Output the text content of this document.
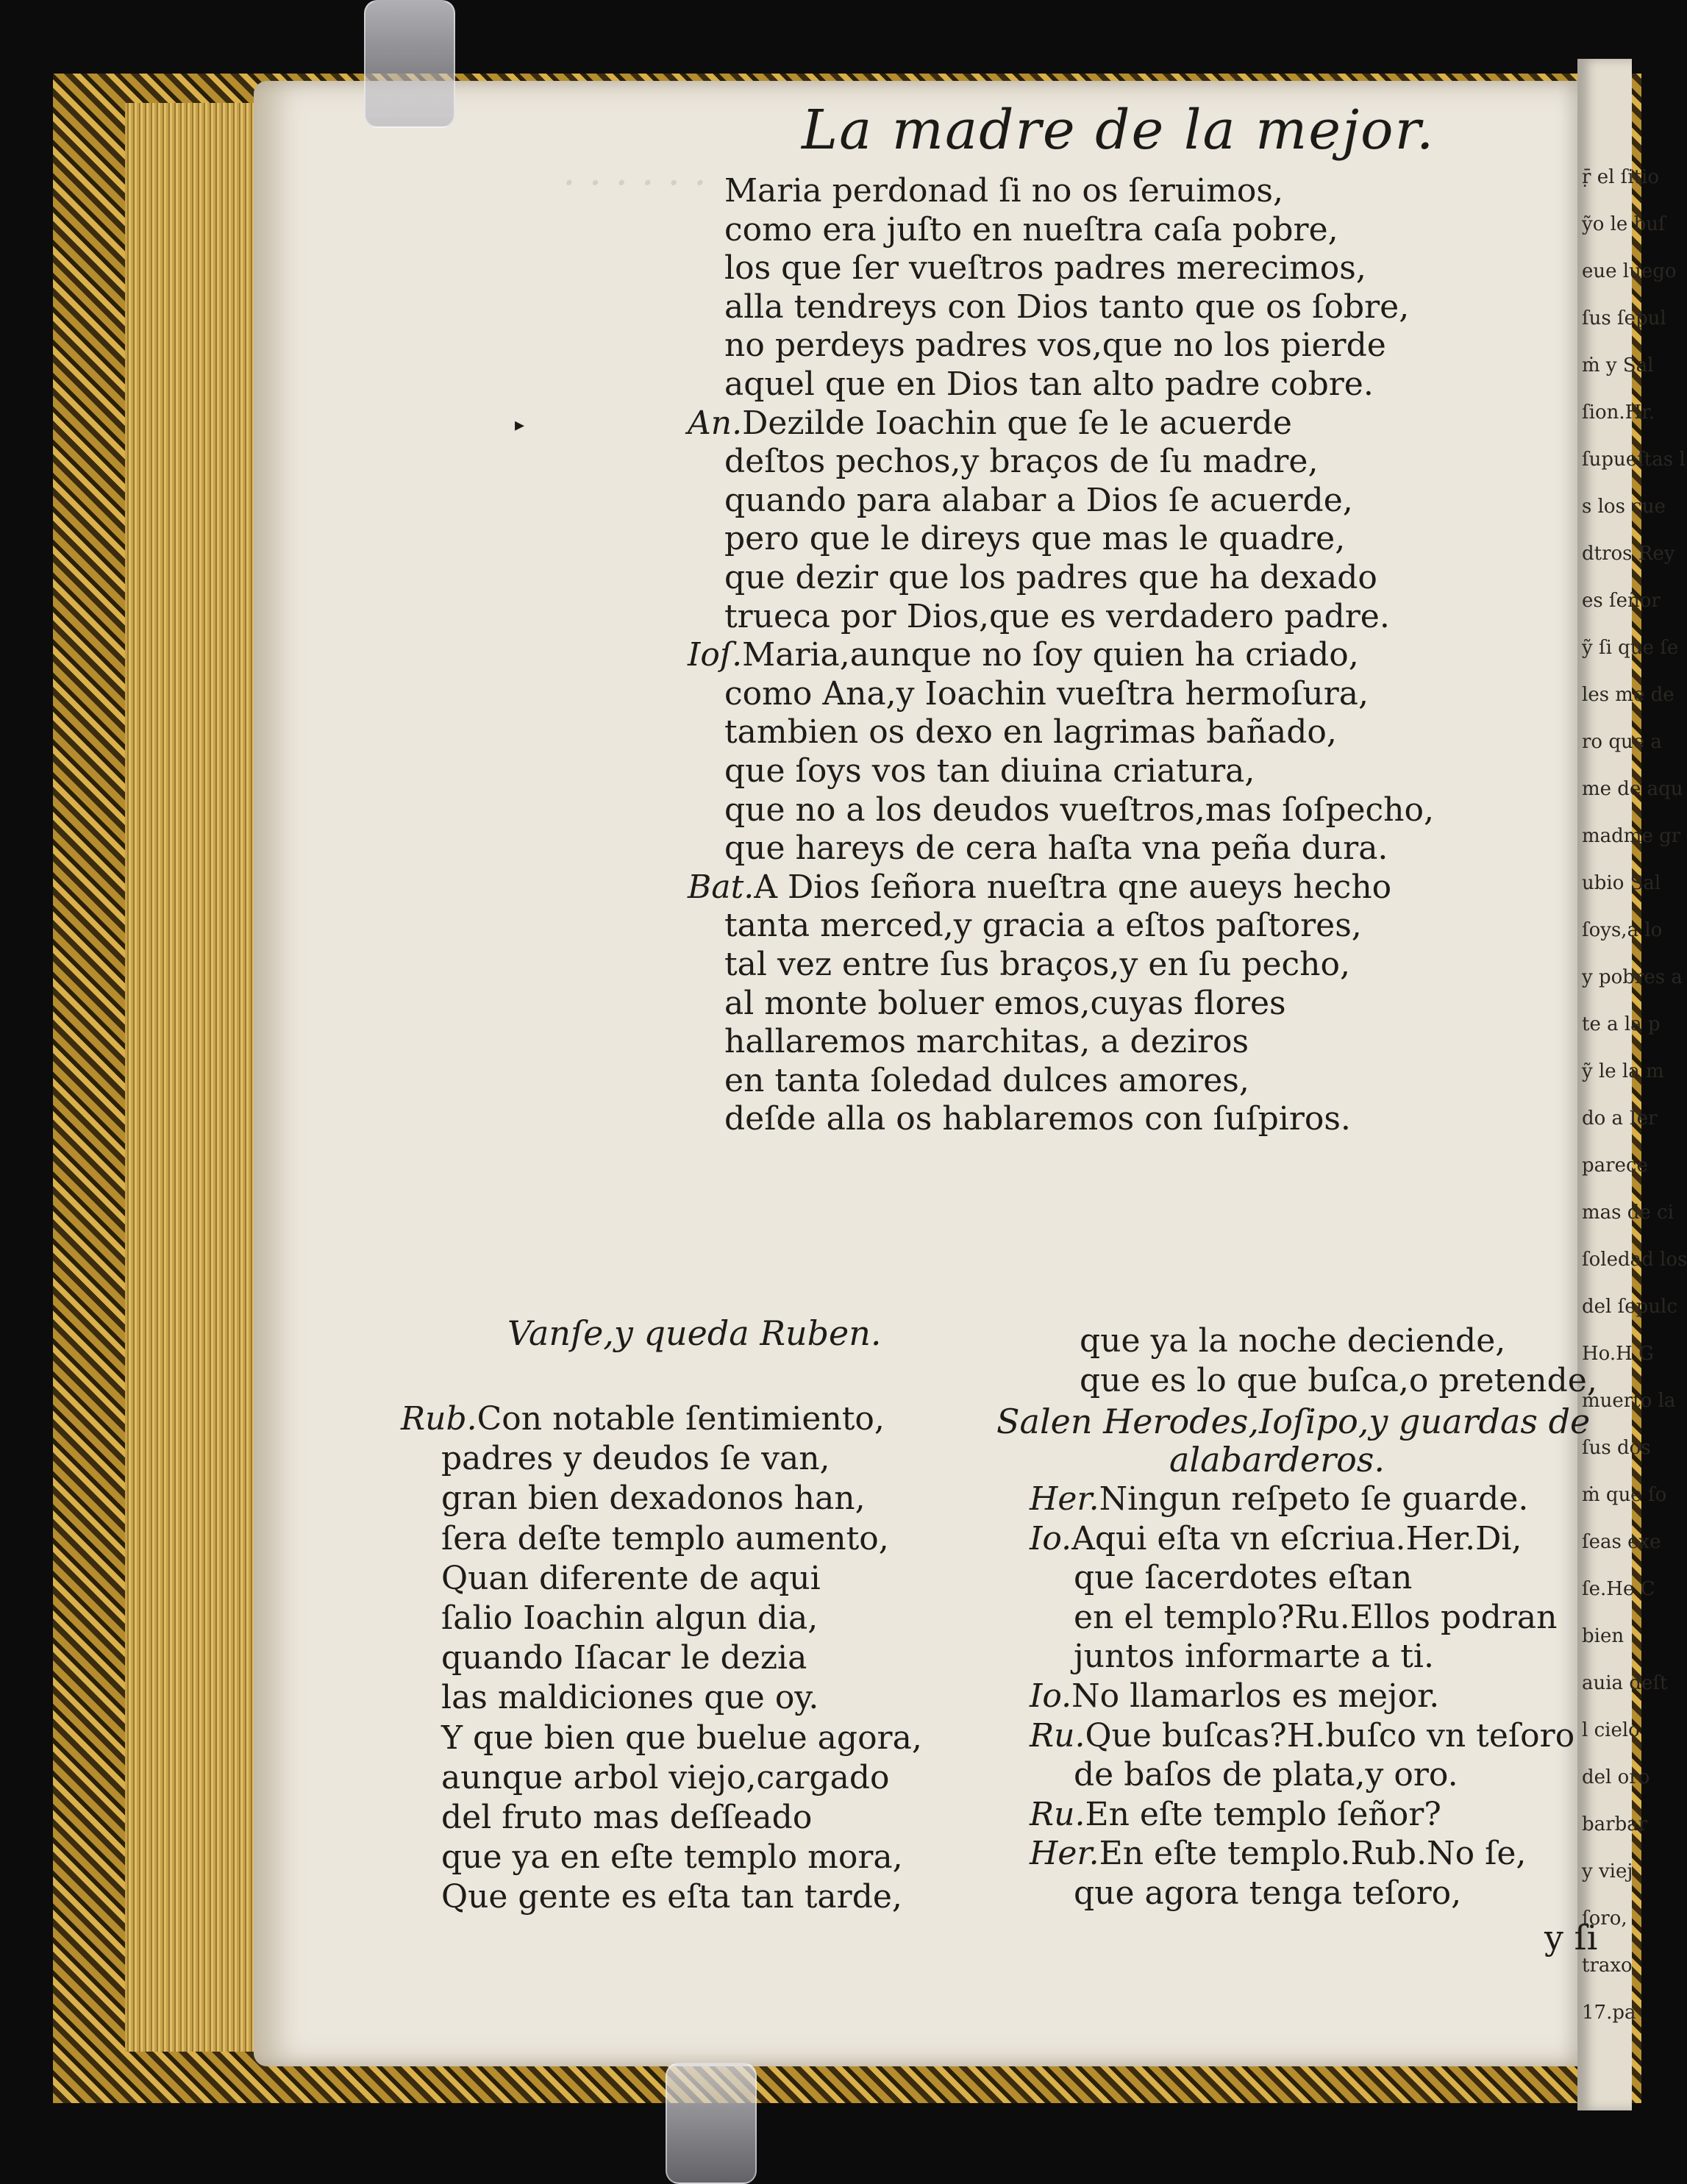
. . . . . .	ṝ el ſitio
ỹo le buſ
eue luego
ſus ſepul
ṁ y Sal
ſion.Hr.
ſupueſtas l
s los cue
dtros Rey
es ſeñor
ỹ ſi que ſe
les me de
ro que a
me de aqu
madme gr
ubio Sal
ſoys,a lo
y pobres a
te a la p
ỹ le la m
do a Ier
parece
mas de ci
ſoledad los
del ſepulc
Ho.H.G
muerto la
ſus dos
ṁ que ſo
ſeas exe
ſe.He.C
bien
auia deſt
l cielo
del oro
barbar
y viej
ſoro,
traxo
17.pa
La madre de la mejor.
Maria perdonad ſi no os ſeruimos,
como era juſto en nueſtra caſa pobre,
los que ſer vueſtros padres merecimos,
alla tendreys con Dios tanto que os ſobre,
no perdeys padres vos,que no los pierde
aquel que en Dios tan alto padre cobre.
An.Dezilde Ioachin que ſe le acuerde
deſtos pechos,y braços de ſu madre,
quando para alabar a Dios ſe acuerde,
pero que le direys que mas le quadre,
que dezir que los padres que ha dexado
trueca por Dios,que es verdadero padre.
Ioſ.Maria,aunque no ſoy quien ha criado,
como Ana,y Ioachin vueſtra hermoſura,
tambien os dexo en lagrimas bañado,
que ſoys vos tan diuina criatura,
que no a los deudos vueſtros,mas ſoſpecho,
que hareys de cera haſta vna peña dura.
Bat.A Dios ſeñora nueſtra qne aueys hecho
tanta merced,y gracia a eſtos paſtores,
tal vez entre ſus braços,y en ſu pecho,
al monte boluer emos,cuyas flores
hallaremos marchitas, a deziros
en tanta ſoledad dulces amores,
deſde alla os hablaremos con ſuſpiros.
Vanſe,y queda Ruben.
Rub.Con notable ſentimiento,
padres y deudos ſe van,
gran bien dexadonos han,
ſera deſte templo aumento,
Quan diferente de aqui
ſalio Ioachin algun dia,
quando Iſacar le dezia
las maldiciones que oy.
Y que bien que buelue agora,
aunque arbol viejo,cargado
del fruto mas deſſeado
que ya en eſte templo mora,
Que gente es eſta tan tarde,
que ya la noche deciende,
que es lo que buſca,o pretende,
Salen Herodes,Ioſipo,y guardas de
alabarderos.
Her.Ningun reſpeto ſe guarde.
Io.Aqui eſta vn eſcriua.Her.Di,
que ſacerdotes eſtan
en el templo?Ru.Ellos podran
juntos informarte a ti.
Io.No llamarlos es mejor.
Ru.Que buſcas?H.buſco vn teſoro
de baſos de plata,y oro.
Ru.En eſte templo ſeñor?
Her.En eſte templo.Rub.No ſe,
que agora tenga teſoro,
y ſi
▸
